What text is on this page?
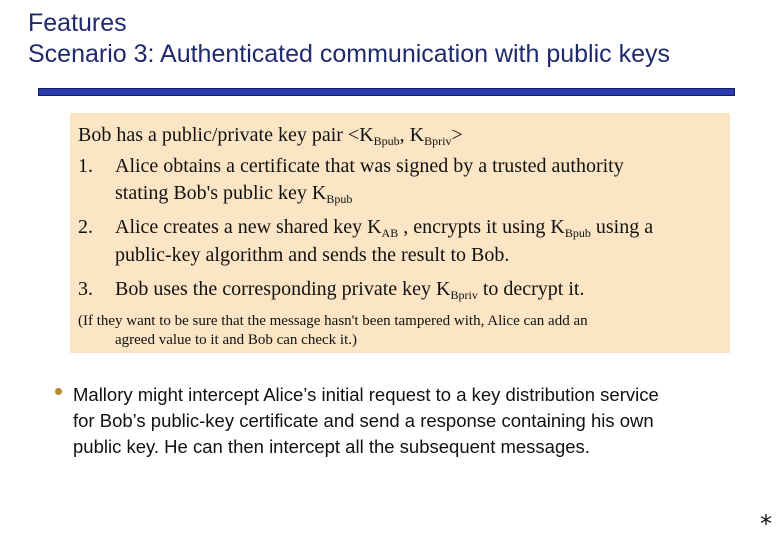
Features
Scenario 3: Authenticated communication with public keys
Bob has a public/private key pair $<K_{Bpub}$, $K_{Bpriv}>$
1. Alice obtains a certificate that was signed by a trusted authority
stating Bob's public key $K_{Bpub}$
2. Alice creates a new shared key $K_{AB}$ , encrypts it using $K_{Bpub}$ using a
public-key algorithm and sends the result to Bob.
3. Bob uses the corresponding private key $K_{Bpriv}$ to decrypt it.
(If they want to be sure that the message hasn't been tampered with, Alice can add an
agreed value to it and Bob can check it.)
Mallory might intercept Alice’s initial request to a key distribution service
for Bob’s public-key certificate and send a response containing his own
public key. He can then intercept all the subsequent messages.
*
